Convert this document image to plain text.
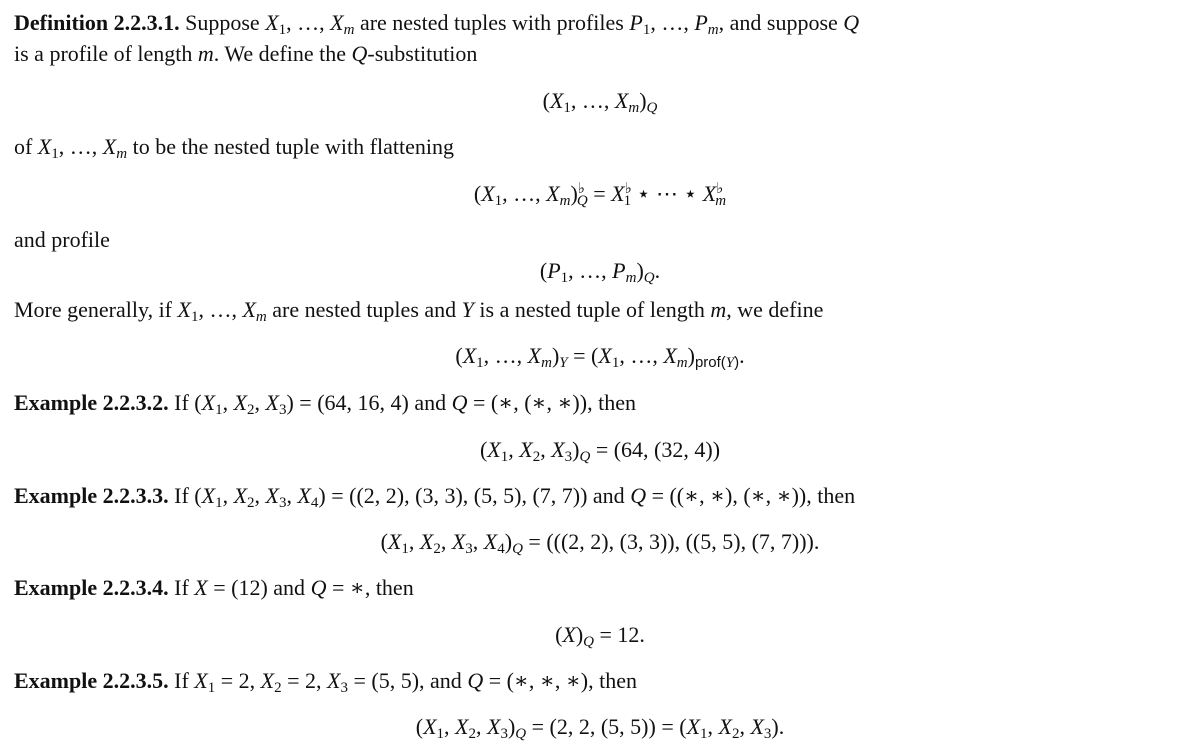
Definition 2.2.3.1. Suppose $X_1$, …, $X_m$ are nested tuples with profiles $P_1$, …, $P_m$, and suppose Q
is a profile of length m. We define the Q-substitution
($X_1$, …, $X_m)_Q$
of $X_1$, …, $X_m$ to be the nested tuple with flattening
($X_1$, …, $X_m)^♭_Q = X^♭_1$ ⋆ ⋯ ⋆ $X^♭_m$
and profile
($P_1$, …, $P_m)_Q$.
More generally, if $X_1$, …, $X_m$ are nested tuples and Y is a nested tuple of length m, we define
($X_1$, …, $X_m)_Y = (X_1$, …, $X_m)_{prof(Y)}$.
Example 2.2.3.2. If ($X_1$, $X_2$, $X_3) = (64$, 16, 4) and Q = (∗, (∗, ∗)), then
($X_1$, $X_2$, $X_3)_Q = (64$, (32, 4))
Example 2.2.3.3. If ($X_1$, $X_2$, $X_3$, $X_4) = ((2$, 2), (3, 3), (5, 5), (7, 7)) and Q = ((∗, ∗), (∗, ∗)), then
($X_1$, $X_2$, $X_3$, $X_4)_Q = (((2$, 2), (3, 3)), ((5, 5), (7, 7))).
Example 2.2.3.4. If X = (12) and Q = ∗, then
$(X)_Q = 12$.
Example 2.2.3.5. If $X_1 = 2$, $X_2 = 2$, $X_3 = (5$, 5), and Q = (∗, ∗, ∗), then
($X_1$, $X_2$, $X_3)_Q = (2$, 2, (5, $5)) = (X_1$, $X_2$, $X_3$).
